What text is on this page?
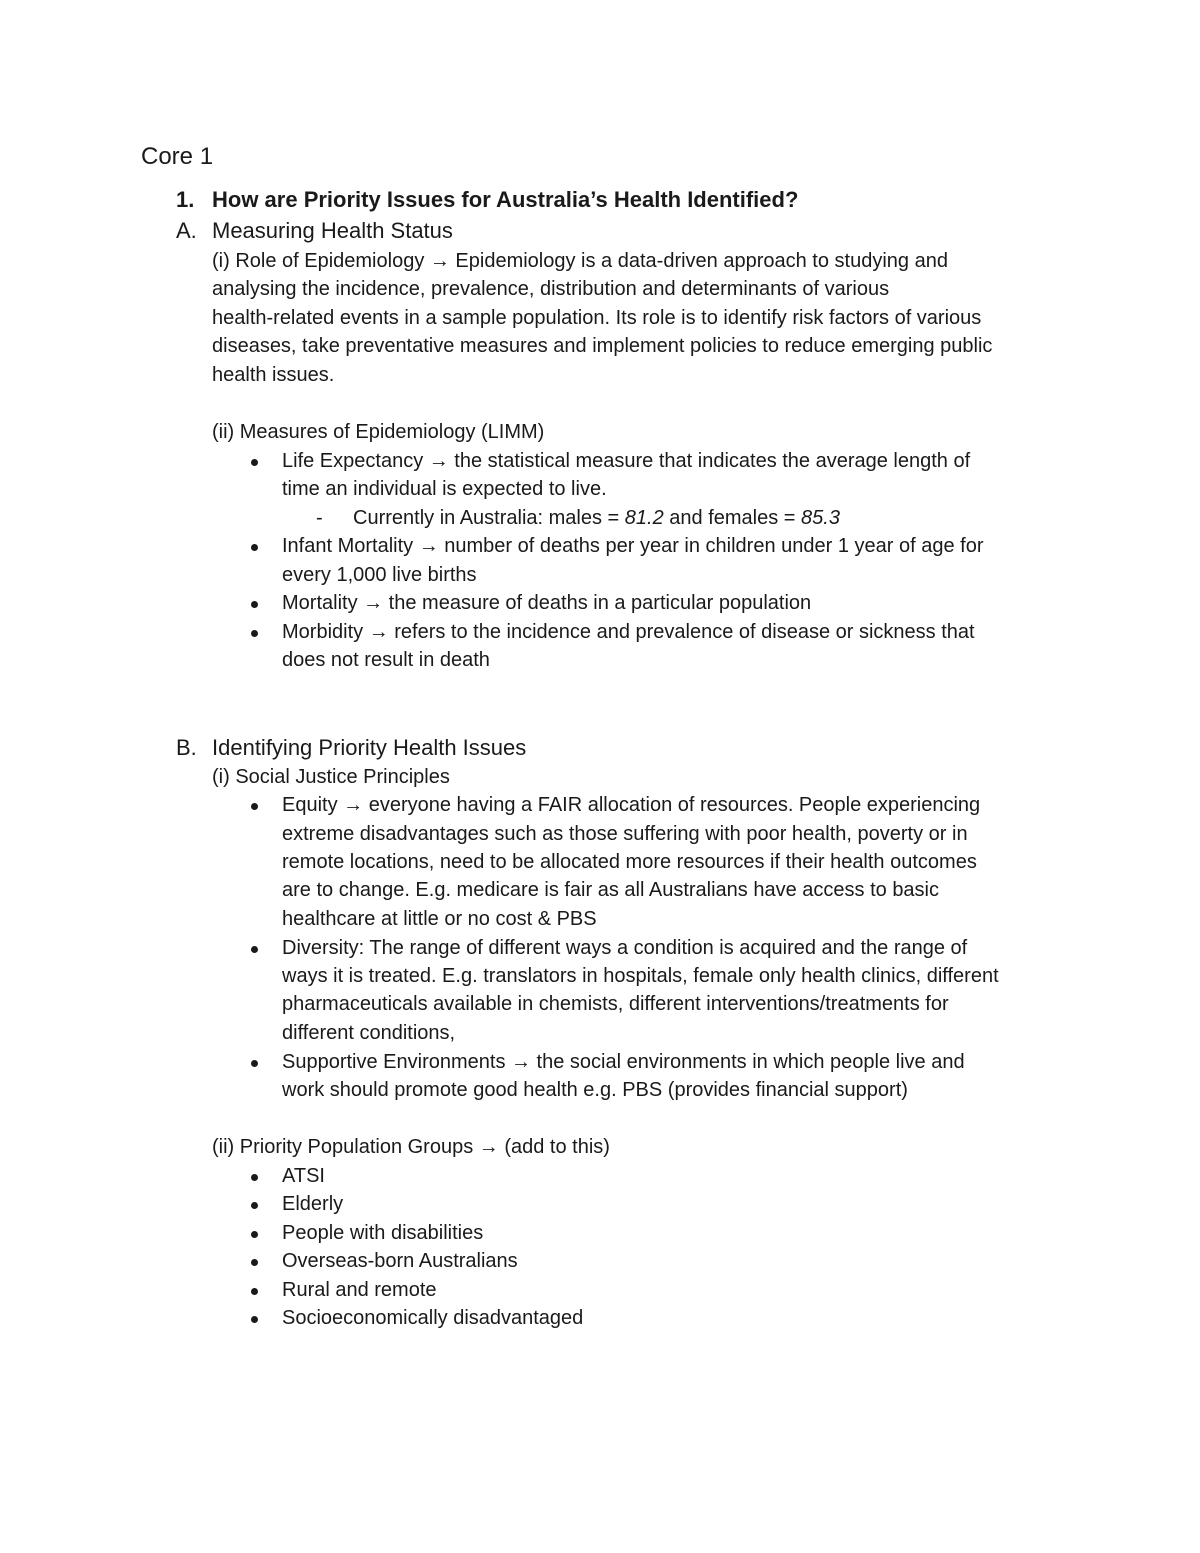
Core 1
1. How are Priority Issues for Australia’s Health Identified?
A. Measuring Health Status
(i) Role of Epidemiology → Epidemiology is a data-driven approach to studying and
analysing the incidence, prevalence, distribution and determinants of various
health-related events in a sample population. Its role is to identify risk factors of various
diseases, take preventative measures and implement policies to reduce emerging public
health issues.
(ii) Measures of Epidemiology (LIMM)
Life Expectancy → the statistical measure that indicates the average length of
time an individual is expected to live.
- Currently in Australia: males = 81.2 and females = 85.3
Infant Mortality → number of deaths per year in children under 1 year of age for
every 1,000 live births
Mortality → the measure of deaths in a particular population
Morbidity → refers to the incidence and prevalence of disease or sickness that
does not result in death
B. Identifying Priority Health Issues
(i) Social Justice Principles
Equity → everyone having a FAIR allocation of resources. People experiencing
extreme disadvantages such as those suffering with poor health, poverty or in
remote locations, need to be allocated more resources if their health outcomes
are to change. E.g. medicare is fair as all Australians have access to basic
healthcare at little or no cost & PBS
Diversity: The range of different ways a condition is acquired and the range of
ways it is treated. E.g. translators in hospitals, female only health clinics, different
pharmaceuticals available in chemists, different interventions/treatments for
different conditions,
Supportive Environments → the social environments in which people live and
work should promote good health e.g. PBS (provides financial support)
(ii) Priority Population Groups → (add to this)
ATSI
Elderly
People with disabilities
Overseas-born Australians
Rural and remote
Socioeconomically disadvantaged
